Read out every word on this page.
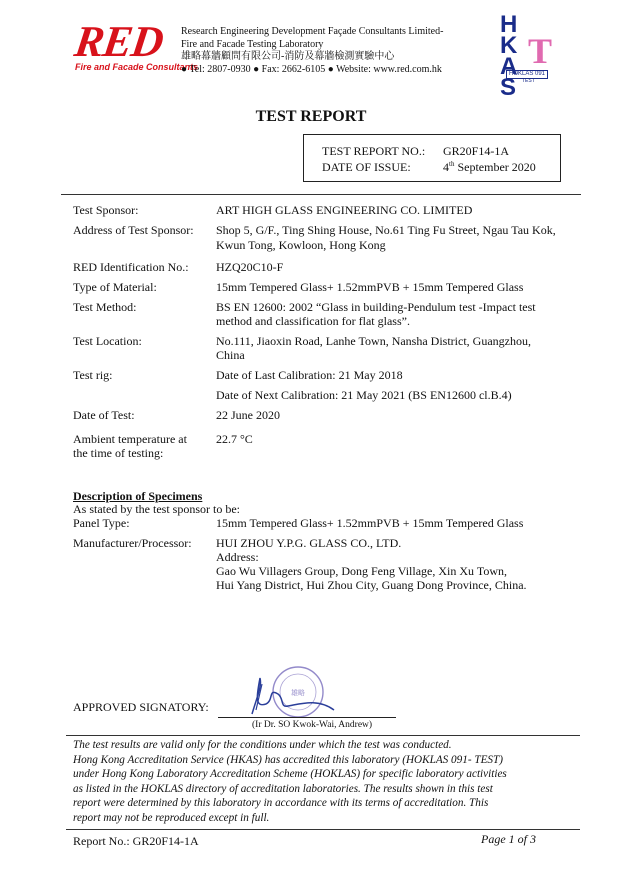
RED
Fire and Facade Consultants
Research Engineering Development Façade Consultants Limited-
Fire and Facade Testing Laboratory
雄略幕牆顧問有限公司-消防及幕牆檢測實驗中心
● Tel: 2807-0930 ● Fax: 2662-6105 ● Website: www.red.com.hk
HKAS
T
HOKLAS 091
TEST
TEST REPORT
TEST REPORT NO.: GR20F14-1A
DATE OF ISSUE:	4th September 2020
Test Sponsor:	ART HIGH GLASS ENGINEERING CO. LIMITED
Address of Test Sponsor: Shop 5, G/F., Ting Shing House, No.61 Ting Fu Street, Ngau Tau Kok,
Kwun Tong, Kowloon, Hong Kong
RED Identification No.: HZQ20C10-F
Type of Material:	15mm Tempered Glass+ 1.52mmPVB + 15mm Tempered Glass
Test Method:	BS EN 12600: 2002 “Glass in building-Pendulum test -Impact test
method and classification for flat glass”.
Test Location:	No.111, Jiaoxin Road, Lanhe Town, Nansha District, Guangzhou,
China
Test rig:	Date of Last Calibration: 21 May 2018
Date of Next Calibration: 21 May 2021 (BS EN12600 cl.B.4)
Date of Test:	22 June 2020
Ambient temperature at
the time of testing:
22.7 °C
Description of Specimens
As stated by the test sponsor to be:
Panel Type:	15mm Tempered Glass+ 1.52mmPVB + 15mm Tempered Glass
Manufacturer/Processor: HUI ZHOU Y.P.G. GLASS CO., LTD.
Address:
Gao Wu Villagers Group, Dong Feng Village, Xin Xu Town,
Hui Yang District, Hui Zhou City, Guang Dong Province, China.
APPROVED SIGNATORY:
雄略
(Ir Dr. SO Kwok-Wai, Andrew)
The test results are valid only for the conditions under which the test was conducted.
Hong Kong Accreditation Service (HKAS) has accredited this laboratory (HOKLAS 091- TEST)
under Hong Kong Laboratory Accreditation Scheme (HOKLAS) for specific laboratory activities
as listed in the HOKLAS directory of accreditation laboratories. The results shown in this test
report were determined by this laboratory in accordance with its terms of accreditation. This
report may not be reproduced except in full.
Report No.: GR20F14-1A	Page 1 of 3
